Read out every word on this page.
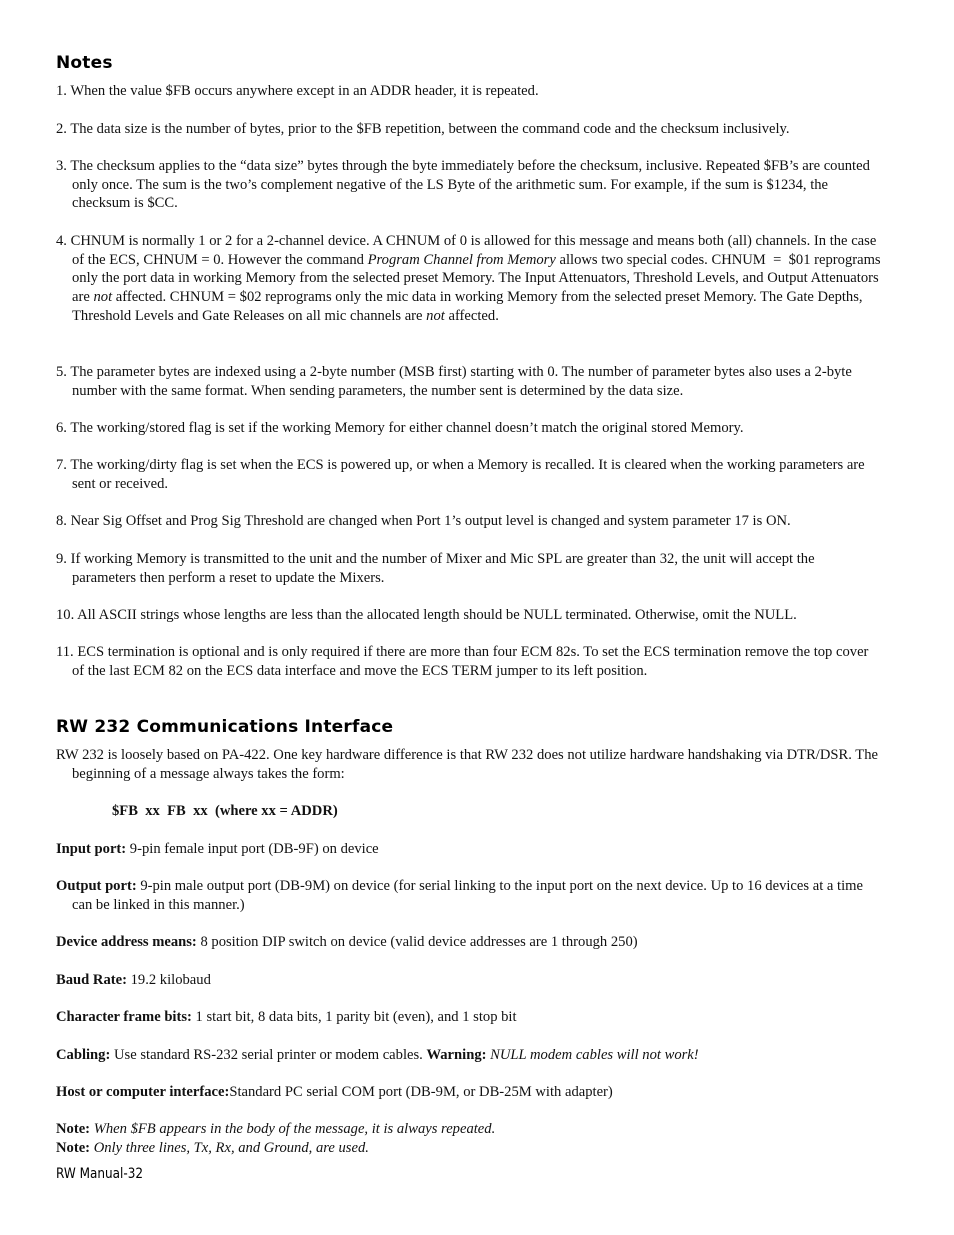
Notes

1. When the value $FB occurs anywhere except in an ADDR header, it is repeated.

2. The data size is the number of bytes, prior to the $FB repetition, between the command code and the checksum inclusively.

3. The checksum applies to the “data size” bytes through the byte immediately before the checksum, inclusive. Repeated $FB’s are counted only once. The sum is the two’s complement negative of the LS Byte of the arithmetic sum. For example, if the sum is $1234, the checksum is $CC.

4. CHNUM is normally 1 or 2 for a 2-channel device. A CHNUM of 0 is allowed for this message and means both (all) channels. In the case of the ECS, CHNUM = 0. However the command Program Channel from Memory allows two special codes. CHNUM  =  $01 reprograms only the port data in working Memory from the selected preset Memory. The Input Attenuators, Threshold Levels, and Output Attenuators are not affected. CHNUM = $02 reprograms only the mic data in working Memory from the selected preset Memory. The Gate Depths, Threshold Levels and Gate Releases on all mic channels are not affected.

5. The parameter bytes are indexed using a 2-byte number (MSB first) starting with 0. The number of parameter bytes also uses a 2-byte number with the same format. When sending parameters, the number sent is determined by the data size.

6. The working/stored flag is set if the working Memory for either channel doesn’t match the original stored Memory.

7. The working/dirty flag is set when the ECS is powered up, or when a Memory is recalled. It is cleared when the working parameters are sent or received.

8. Near Sig Offset and Prog Sig Threshold are changed when Port 1’s output level is changed and system parameter 17 is ON.

9. If working Memory is transmitted to the unit and the number of Mixer and Mic SPL are greater than 32, the unit will accept the parameters then perform a reset to update the Mixers.

10. All ASCII strings whose lengths are less than the allocated length should be NULL terminated. Otherwise, omit the NULL.

11. ECS termination is optional and is only required if there are more than four ECM 82s. To set the ECS termination remove the top cover of the last ECM 82 on the ECS data interface and move the ECS TERM jumper to its left position.

RW 232 Communications Interface

RW 232 is loosely based on PA-422. One key hardware difference is that RW 232 does not utilize hardware handshaking via DTR/DSR. The beginning of a message always takes the form:

$FB  xx  FB  xx  (where xx = ADDR)

Input port: 9-pin female input port (DB-9F) on device

Output port: 9-pin male output port (DB-9M) on device (for serial linking to the input port on the next device. Up to 16 devices at a time can be linked in this manner.)

Device address means: 8 position DIP switch on device (valid device addresses are 1 through 250)

Baud Rate: 19.2 kilobaud

Character frame bits: 1 start bit, 8 data bits, 1 parity bit (even), and 1 stop bit

Cabling: Use standard RS-232 serial printer or modem cables. Warning: NULL modem cables will not work!

Host or computer interface:Standard PC serial COM port (DB-9M, or DB-25M with adapter)

Note: When $FB appears in the body of the message, it is always repeated.

Note: Only three lines, Tx, Rx, and Ground, are used.

RW Manual-32
